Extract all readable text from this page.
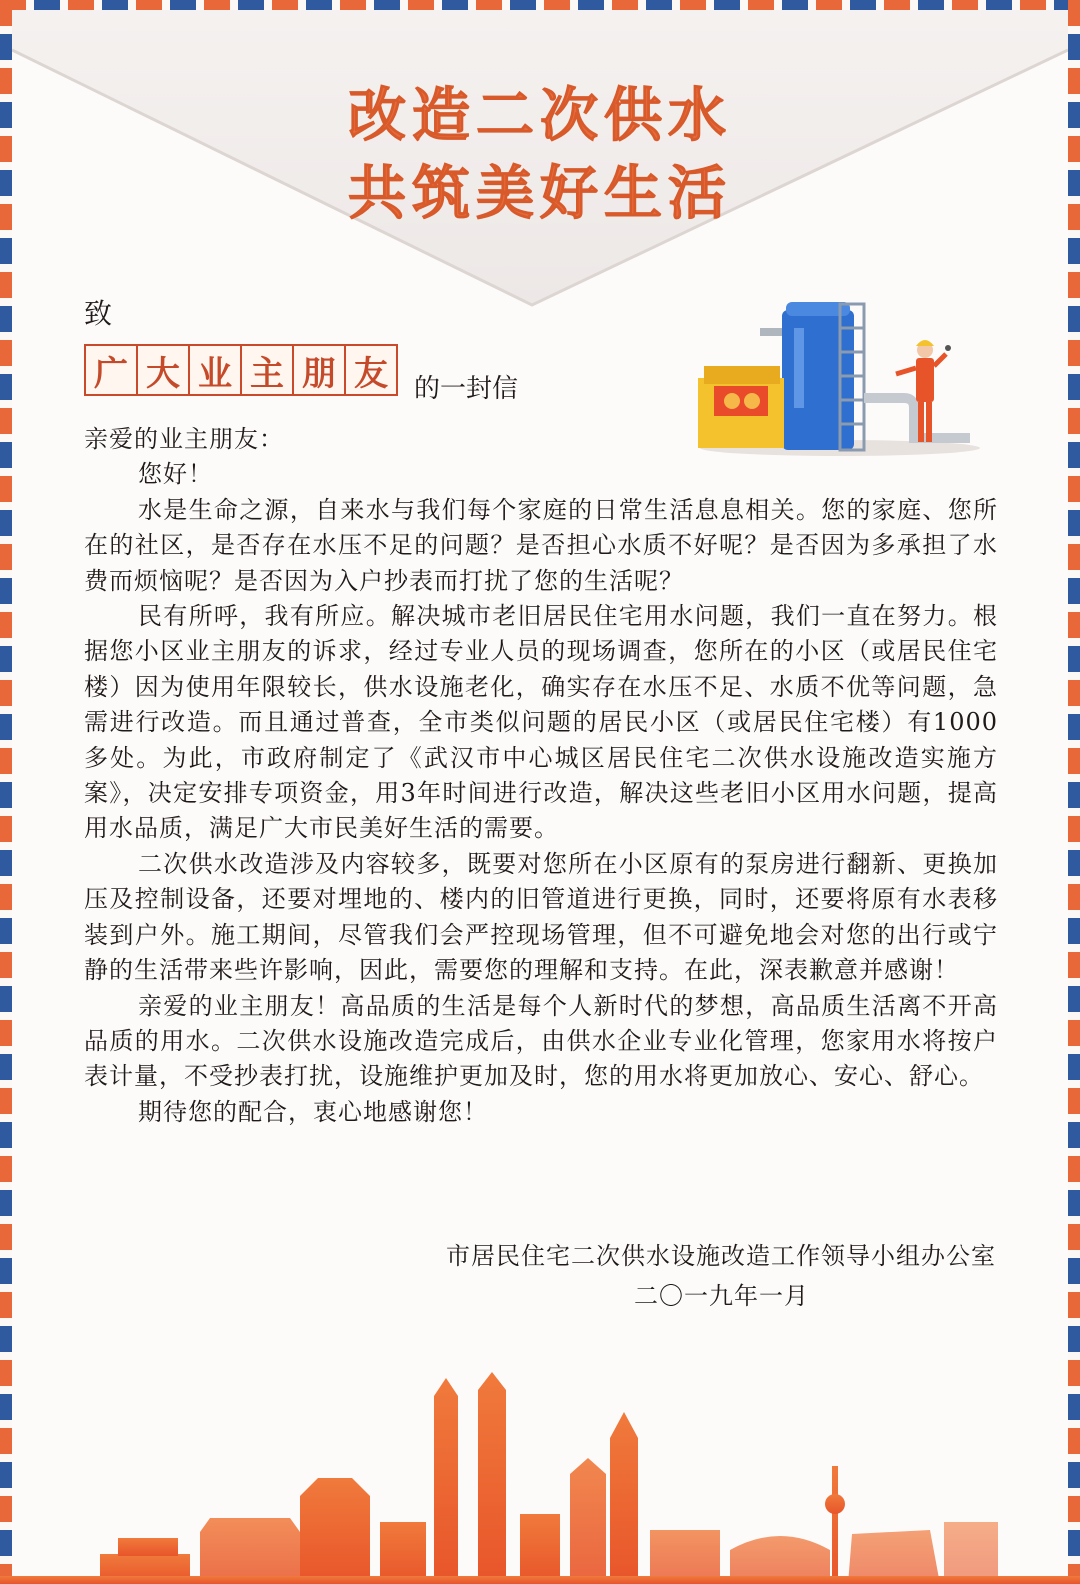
改造二次供水
共筑美好生活
致
广 大 业 主 朋 友	的一封信

亲爱的业主朋友：

您好！

水是生命之源，自来水与我们每个家庭的日常生活息息相关。您的家庭、您所在的社区，是否存在水压不足的问题？是否担心水质不好呢？是否因为多承担了水费而烦恼呢？是否因为入户抄表而打扰了您的生活呢？

民有所呼，我有所应。解决城市老旧居民住宅用水问题，我们一直在努力。根据您小区业主朋友的诉求，经过专业人员的现场调查，您所在的小区（或居民住宅楼）因为使用年限较长，供水设施老化，确实存在水压不足、水质不优等问题，急需进行改造。而且通过普查，全市类似问题的居民小区（或居民住宅楼）有1000多处。为此，市政府制定了《武汉市中心城区居民住宅二次供水设施改造实施方案》，决定安排专项资金，用3年时间进行改造，解决这些老旧小区用水问题，提高用水品质，满足广大市民美好生活的需要。

二次供水改造涉及内容较多，既要对您所在小区原有的泵房进行翻新、更换加压及控制设备，还要对埋地的、楼内的旧管道进行更换，同时，还要将原有水表移装到户外。施工期间，尽管我们会严控现场管理，但不可避免地会对您的出行或宁静的生活带来些许影响，因此，需要您的理解和支持。在此，深表歉意并感谢！

亲爱的业主朋友！高品质的生活是每个人新时代的梦想，高品质生活离不开高品质的用水。二次供水设施改造完成后，由供水企业专业化管理，您家用水将按户表计量，不受抄表打扰，设施维护更加及时，您的用水将更加放心、安心、舒心。

期待您的配合，衷心地感谢您！

市居民住宅二次供水设施改造工作领导小组办公室
二〇一九年一月
